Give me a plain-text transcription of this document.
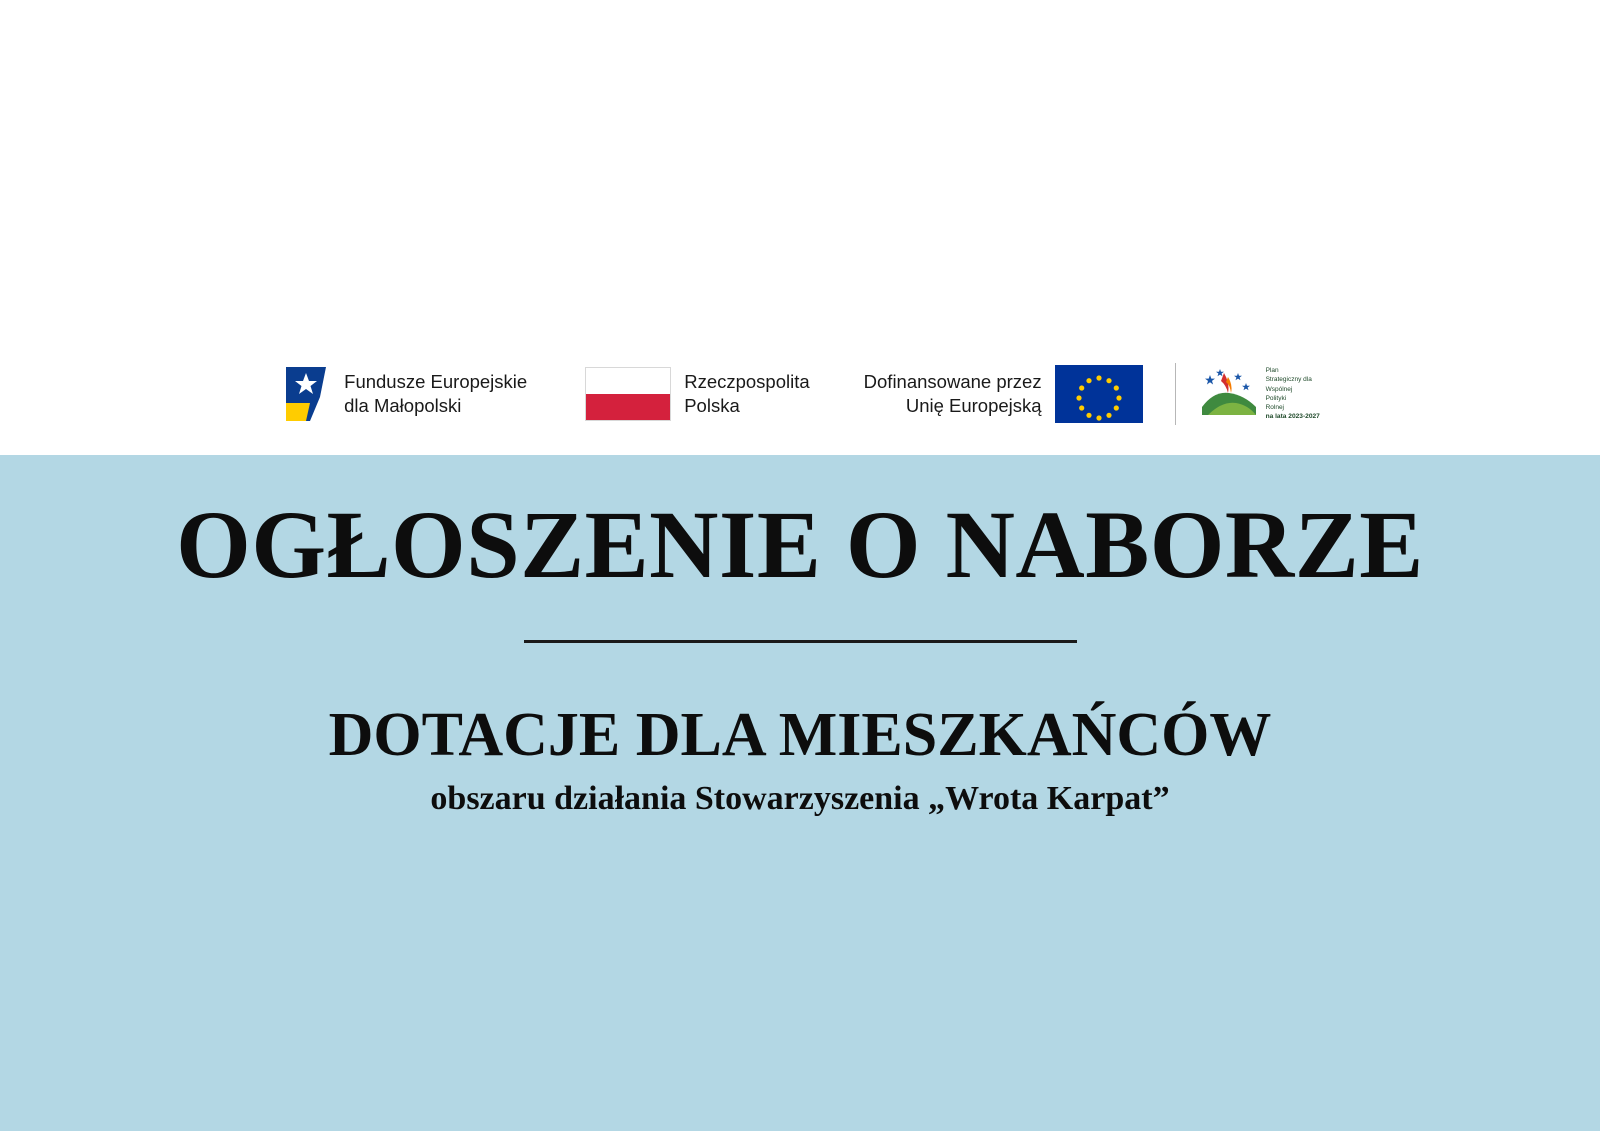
Fundusze Europejskie
dla Małopolski
Rzeczpospolita
Polska
Dofinansowane przez
Unię Europejską
Plan
Strategiczny dla
Wspólnej
Polityki
Rolnej
na lata 2023-2027
OGŁOSZENIE O NABORZE
DOTACJE DLA MIESZKAŃCÓW

obszaru działania Stowarzyszenia „Wrota Karpat”
